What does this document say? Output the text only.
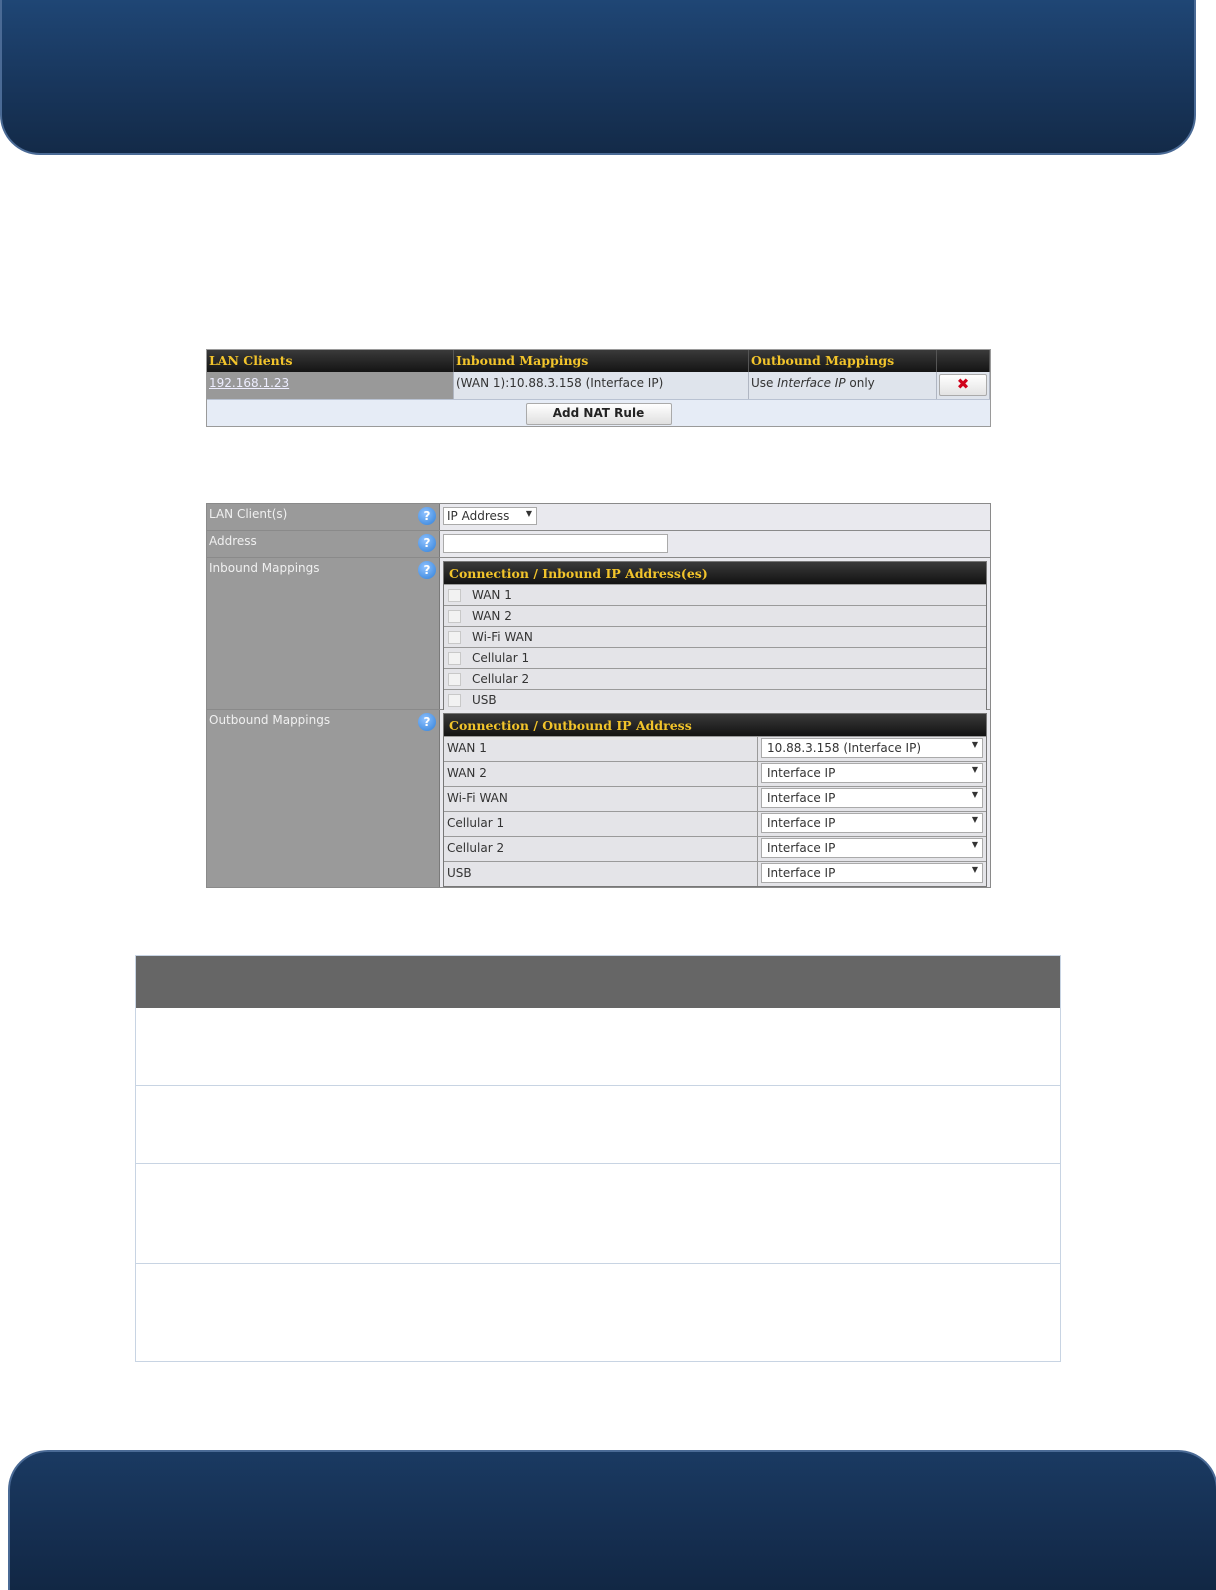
LAN Clients	Inbound Mappings	Outbound Mappings
192.168.1.23	(WAN 1):10.88.3.158 (Interface IP)	Use Interface IP only	✖
Add NAT Rule
LAN Client(s)	?	IP Address ▼
Address	?
Inbound Mappings	?	Connection / Inbound IP Address(es)
WAN 1
WAN 2
Wi-Fi WAN
Cellular 1
Cellular 2
USB
Outbound Mappings	?	Connection / Outbound IP Address
WAN 1	10.88.3.158 (Interface IP)	▼
WAN 2	Interface IP	▼
Wi-Fi WAN	Interface IP	▼
Cellular 1	Interface IP	▼
Cellular 2	Interface IP	▼
USB	Interface IP	▼
